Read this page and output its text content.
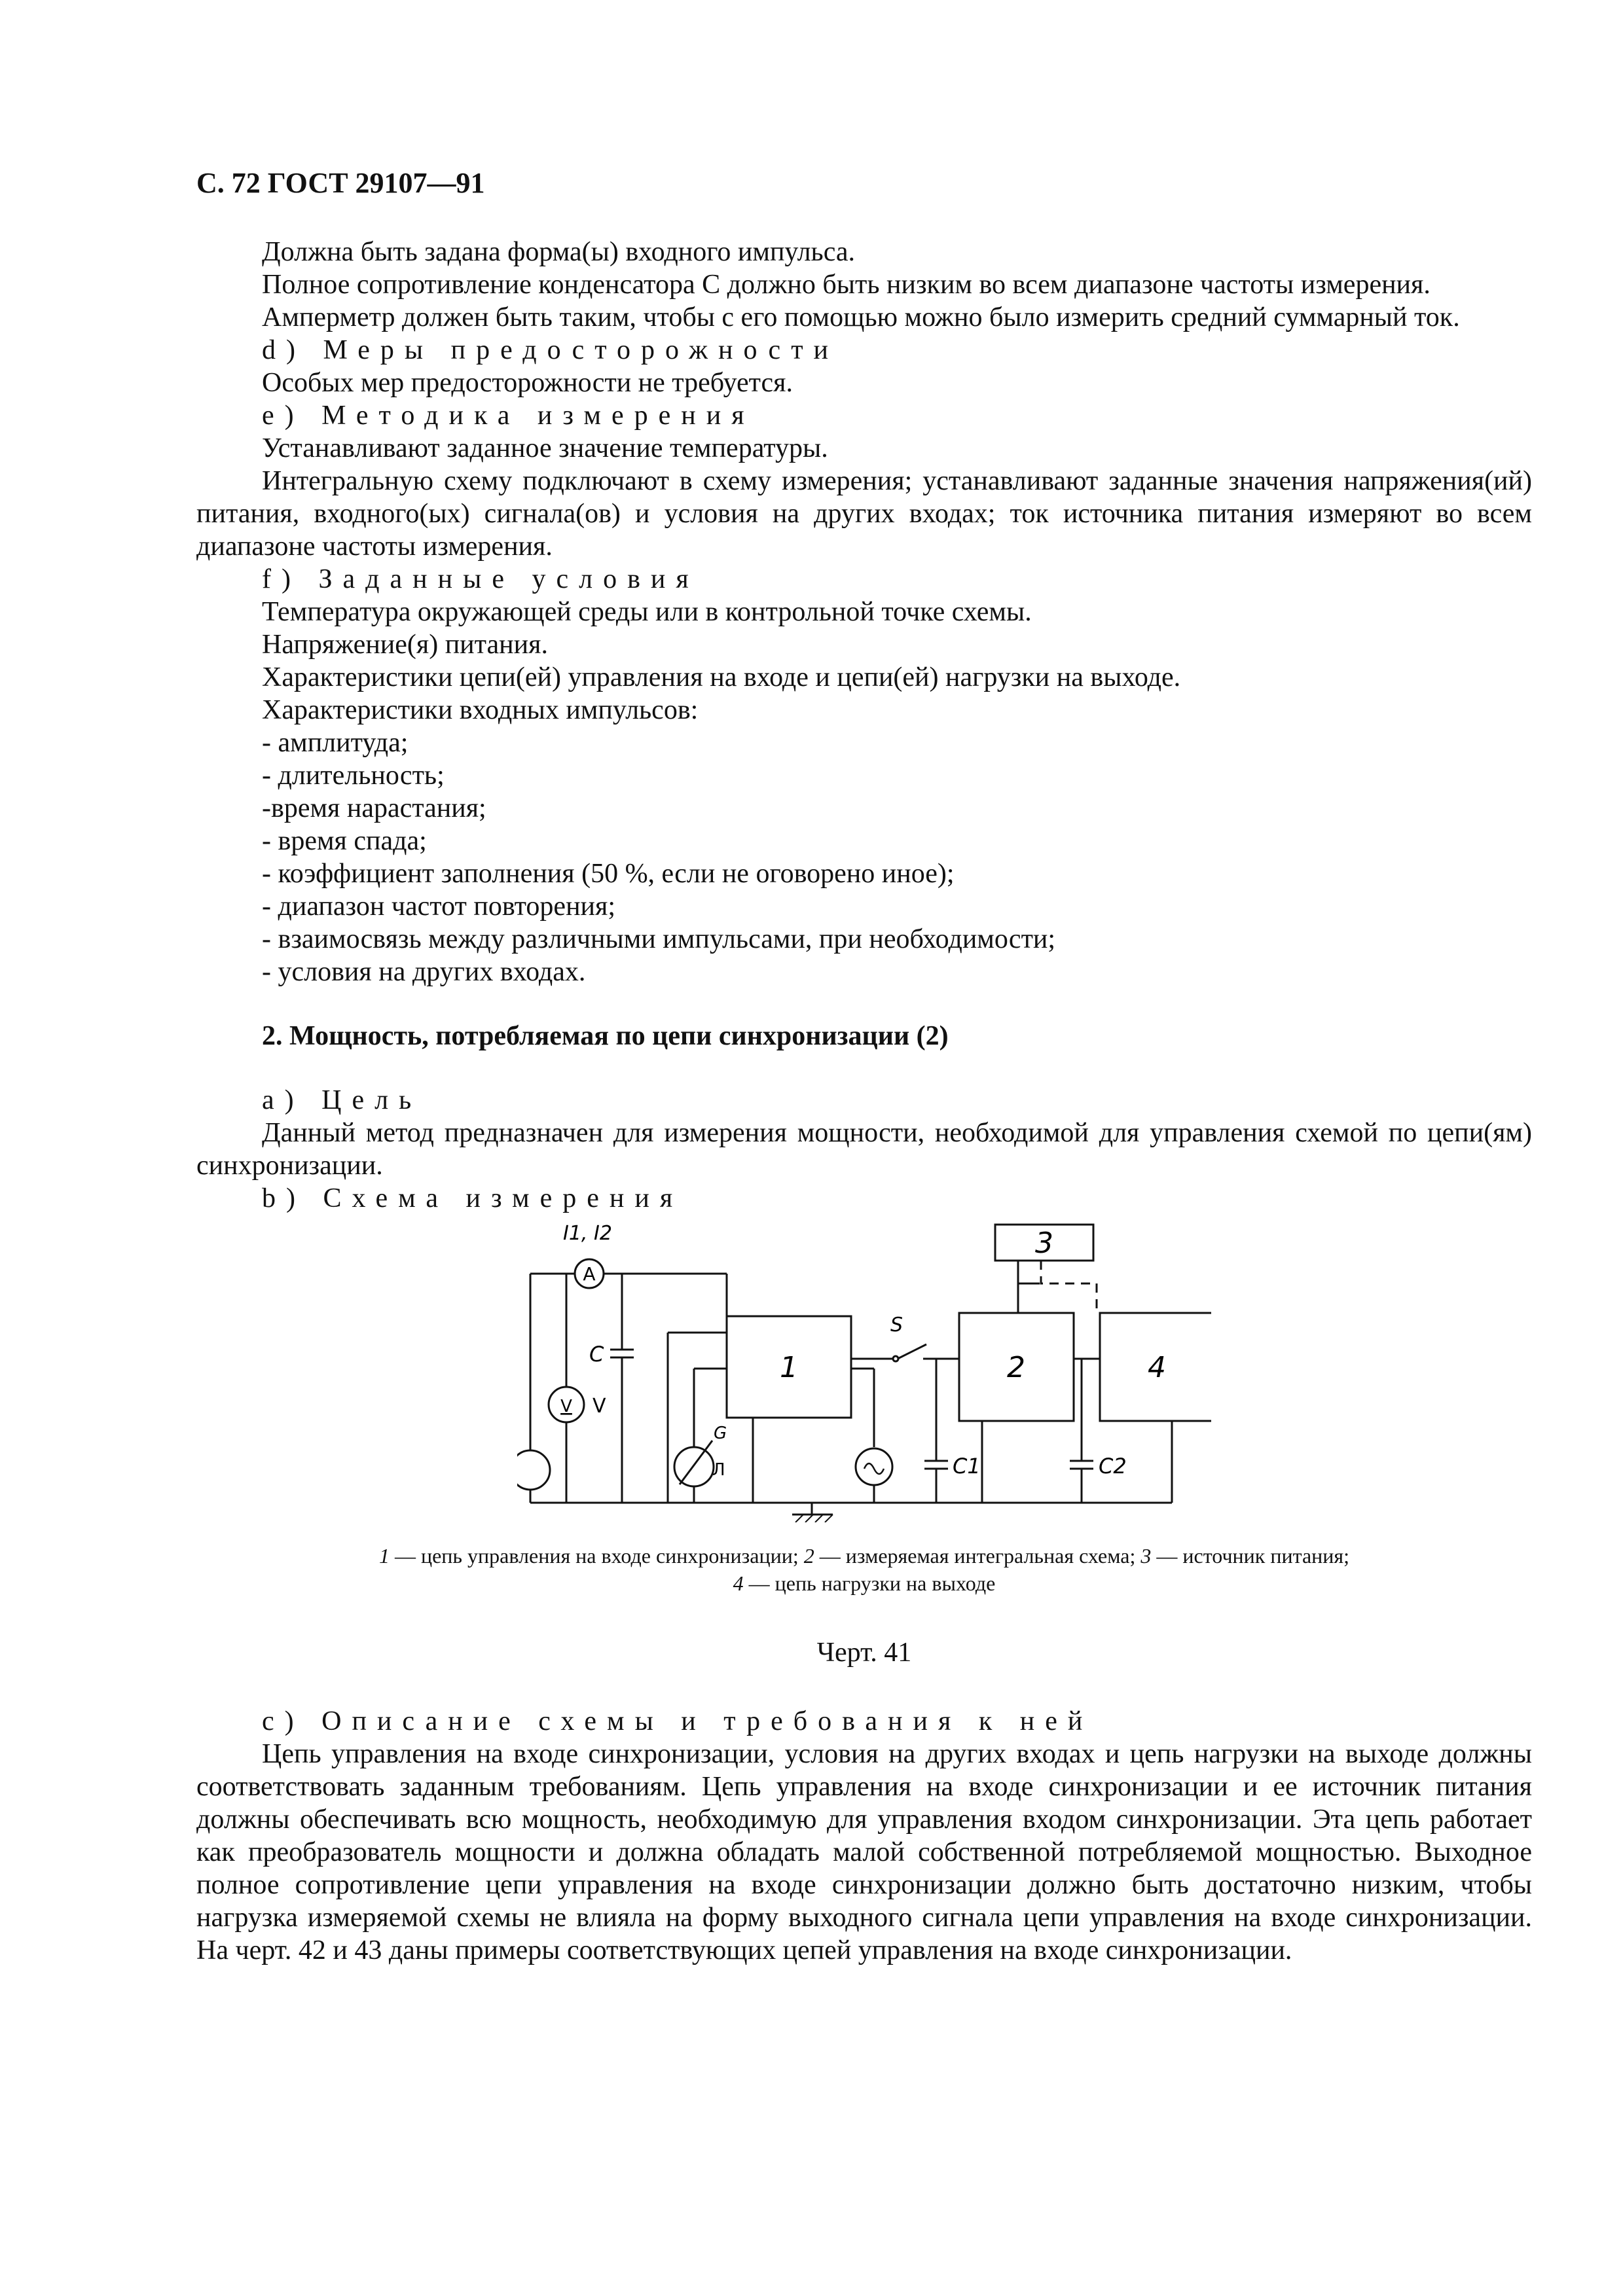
С. 72 ГОСТ 29107—91

Должна быть задана форма(ы) входного импульса.

Полное сопротивление конденсатора C должно быть низким во всем диапазоне частоты измерения.

Амперметр должен быть таким, чтобы с его помощью можно было измерить средний суммарный ток.

d) Меры предосторожности

Особых мер предосторожности не требуется.

e) Методика измерения

Устанавливают заданное значение температуры.

Интегральную схему подключают в схему измерения; устанавливают заданные значения напряжения(ий) питания, входного(ых) сигнала(ов) и условия на других входах; ток источника питания измеряют во всем диапазоне частоты измерения.

f) Заданные условия

Температура окружающей среды или в контрольной точке схемы.

Напряжение(я) питания.

Характеристики цепи(ей) управления на входе и цепи(ей) нагрузки на выходе.

Характеристики входных импульсов:

- амплитуда;

- длительность;

-время нарастания;

- время спада;

- коэффициент заполнения (50 %, если не оговорено иное);

- диапазон частот повторения;

- взаимосвязь между различными импульсами, при необходимости;

- условия на других входах.

2. Мощность, потребляемая по цепи синхронизации (2)

a) Цель

Данный метод предназначен для измерения мощности, необходимой для управления схемой по цепи(ям) синхронизации.

b) Схема измерения

A
I1, I2
V V
C
C1	C2
G
Л
S
1	2
3
4
1 — цепь управления на входе синхронизации; 2 — измеряемая интегральная схема; 3 — источник питания;
4 — цепь нагрузки на выходе
Черт. 41

c) Описание схемы и требования к ней

Цепь управления на входе синхронизации, условия на других входах и цепь нагрузки на выходе должны соответствовать заданным требованиям. Цепь управления на входе синхронизации и ее источник питания должны обеспечивать всю мощность, необходимую для управления входом синхронизации. Эта цепь работает как преобразователь мощности и должна обладать малой собственной потребляемой мощностью. Выходное полное сопротивление цепи управления на входе синхронизации должно быть достаточно низким, чтобы нагрузка измеряемой схемы не влияла на форму выходного сигнала цепи управления на входе синхронизации. На черт. 42 и 43 даны примеры соответствующих цепей управления на входе синхронизации.
